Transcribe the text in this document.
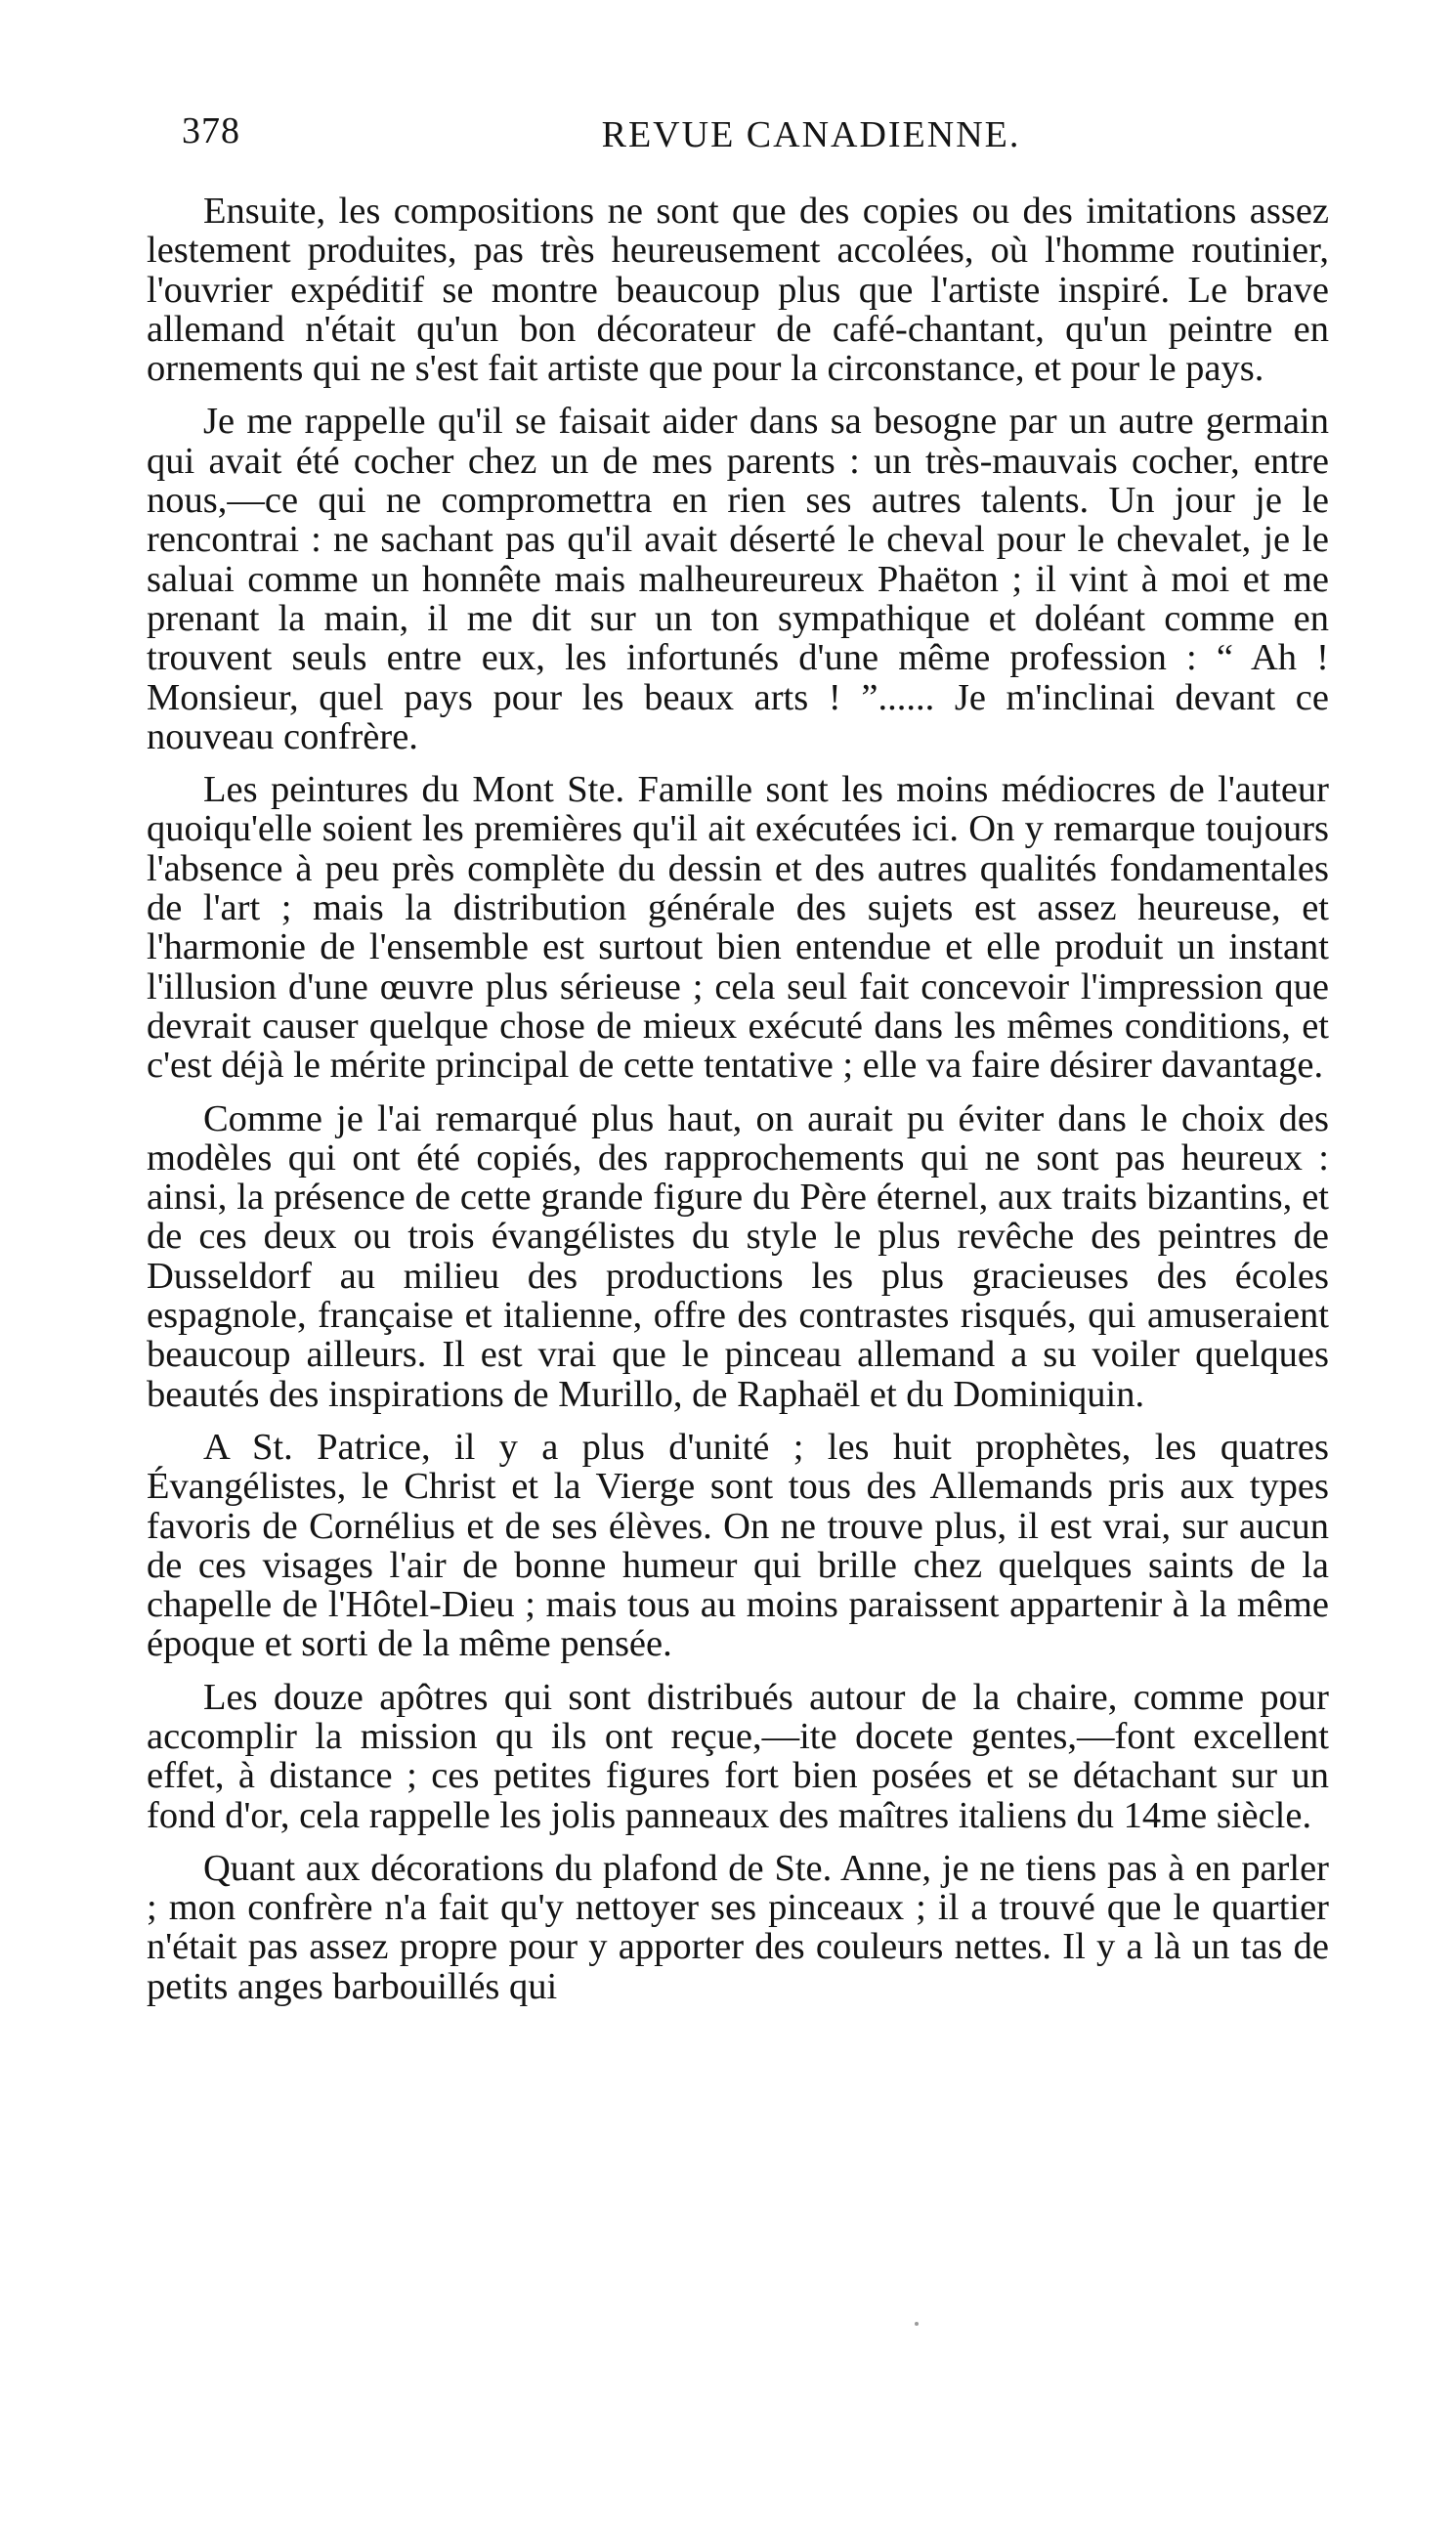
378	REVUE CANADIENNE.

Ensuite, les compositions ne sont que des copies ou des imitations assez lestement produites, pas très heureusement accolées, où l'homme routinier, l'ouvrier expéditif se montre beaucoup plus que l'artiste inspiré. Le brave allemand n'était qu'un bon décorateur de café-chantant, qu'un peintre en ornements qui ne s'est fait artiste que pour la circonstance, et pour le pays.

Je me rappelle qu'il se faisait aider dans sa besogne par un autre germain qui avait été cocher chez un de mes parents : un très-mauvais cocher, entre nous,—ce qui ne compromettra en rien ses autres talents. Un jour je le rencontrai : ne sachant pas qu'il avait déserté le cheval pour le chevalet, je le saluai comme un honnête mais malheureureux Phaëton ; il vint à moi et me prenant la main, il me dit sur un ton sympathique et doléant comme en trouvent seuls entre eux, les infortunés d'une même profession : “ Ah ! Monsieur, quel pays pour les beaux arts ! ”...... Je m'inclinai devant ce nouveau confrère.

Les peintures du Mont Ste. Famille sont les moins médiocres de l'auteur quoiqu'elle soient les premières qu'il ait exécutées ici. On y remarque toujours l'absence à peu près complète du dessin et des autres qualités fondamentales de l'art ; mais la distribution générale des sujets est assez heureuse, et l'harmonie de l'ensemble est surtout bien entendue et elle produit un instant l'illusion d'une œuvre plus sérieuse ; cela seul fait concevoir l'impression que devrait causer quelque chose de mieux exécuté dans les mêmes conditions, et c'est déjà le mérite principal de cette tentative ; elle va faire désirer davantage.

Comme je l'ai remarqué plus haut, on aurait pu éviter dans le choix des modèles qui ont été copiés, des rapprochements qui ne sont pas heureux : ainsi, la présence de cette grande figure du Père éternel, aux traits bizantins, et de ces deux ou trois évangélistes du style le plus revêche des peintres de Dusseldorf au milieu des productions les plus gracieuses des écoles espagnole, française et italienne, offre des contrastes risqués, qui amuseraient beaucoup ailleurs. Il est vrai que le pinceau allemand a su voiler quelques beautés des inspirations de Murillo, de Raphaël et du Dominiquin.

A St. Patrice, il y a plus d'unité ; les huit prophètes, les quatres Évangélistes, le Christ et la Vierge sont tous des Allemands pris aux types favoris de Cornélius et de ses élèves. On ne trouve plus, il est vrai, sur aucun de ces visages l'air de bonne humeur qui brille chez quelques saints de la chapelle de l'Hôtel-Dieu ; mais tous au moins paraissent appartenir à la même époque et sorti de la même pensée.

Les douze apôtres qui sont distribués autour de la chaire, comme pour accomplir la mission qu ils ont reçue,—ite docete gentes,—font excellent effet, à distance ; ces petites figures fort bien posées et se détachant sur un fond d'or, cela rappelle les jolis panneaux des maîtres italiens du 14me siècle.

Quant aux décorations du plafond de Ste. Anne, je ne tiens pas à en parler ; mon confrère n'a fait qu'y nettoyer ses pinceaux ; il a trouvé que le quartier n'était pas assez propre pour y apporter des couleurs nettes. Il y a là un tas de petits anges barbouillés qui
